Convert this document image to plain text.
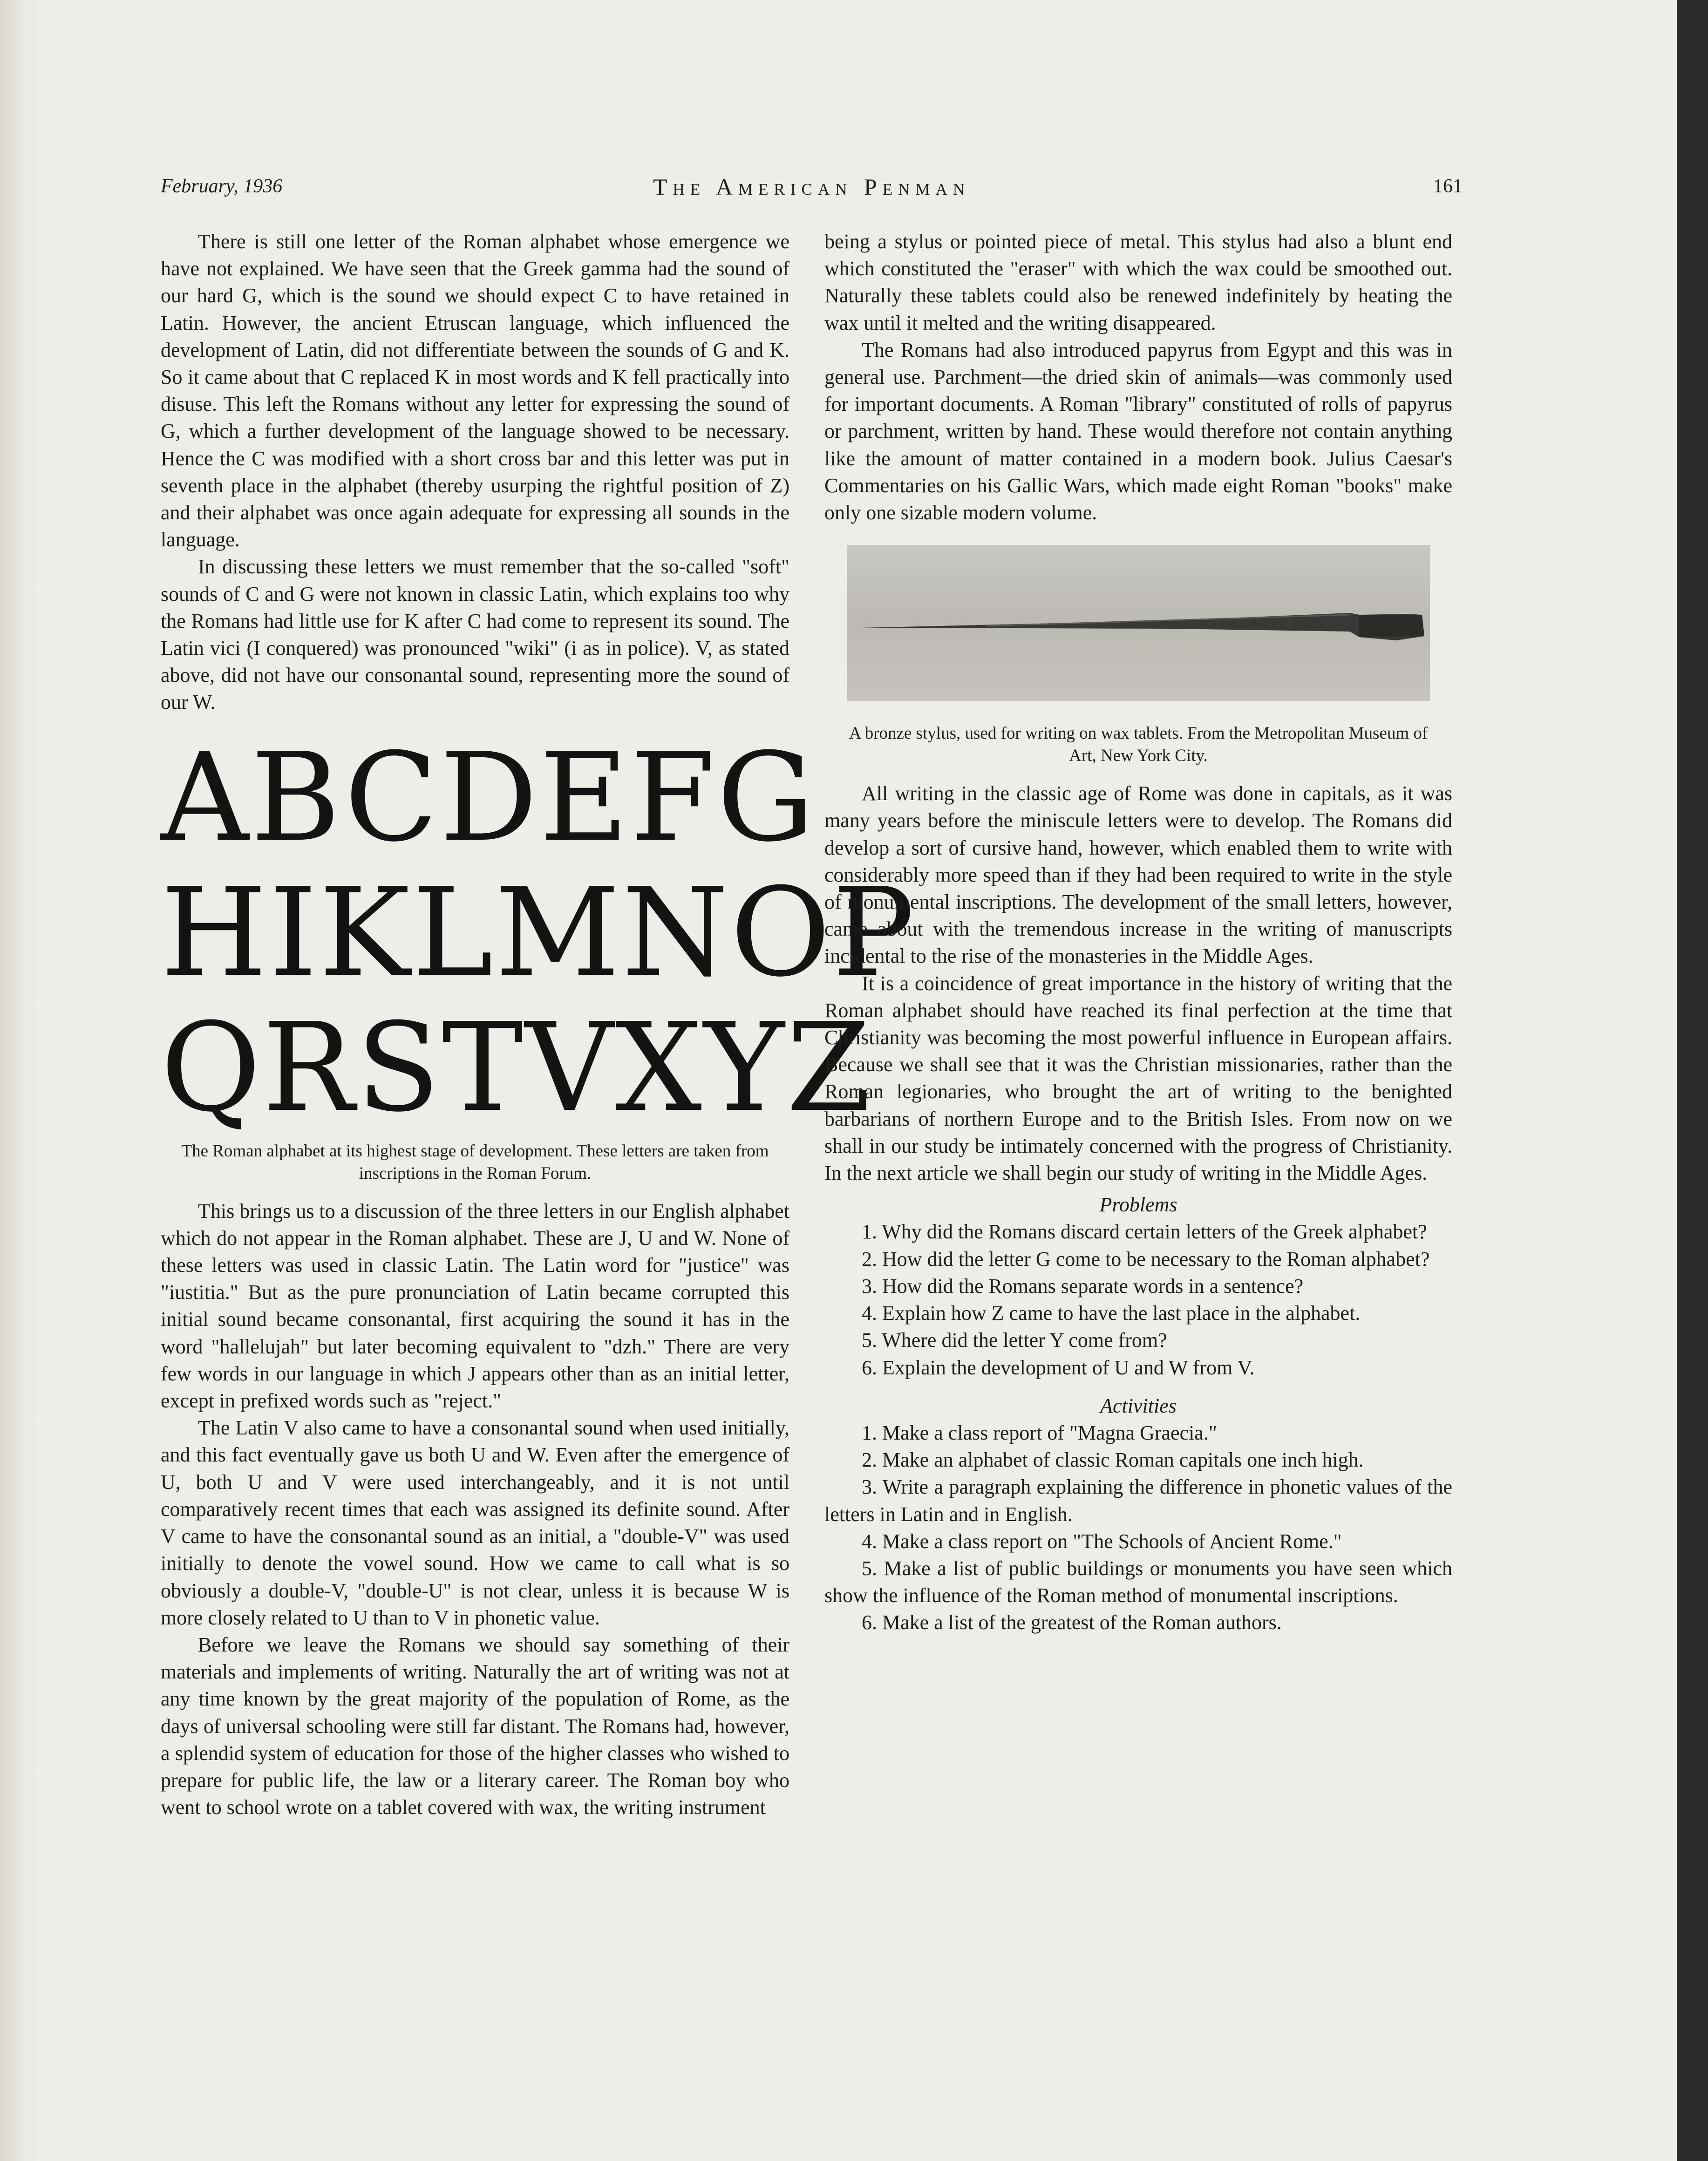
February, 1936	The American Penman	161

There is still one letter of the Roman alphabet whose emergence we have not explained. We have seen that the Greek gamma had the sound of our hard G, which is the sound we should expect C to have retained in Latin. However, the ancient Etruscan language, which influenced the development of Latin, did not differentiate between the sounds of G and K. So it came about that C replaced K in most words and K fell practically into disuse. This left the Romans without any letter for expressing the sound of G, which a further development of the language showed to be necessary. Hence the C was modified with a short cross bar and this letter was put in seventh place in the alphabet (thereby usurping the rightful position of Z) and their alphabet was once again adequate for expressing all sounds in the language.

In discussing these letters we must remember that the so-called "soft" sounds of C and G were not known in classic Latin, which explains too why the Romans had little use for K after C had come to represent its sound. The Latin vici (I conquered) was pronounced "wiki" (i as in police). V, as stated above, did not have our consonantal sound, representing more the sound of our W.

ABCDEFG
HIKLMNOP
QRSTVXYZ
The Roman alphabet at its highest stage of development. These letters are taken from inscriptions in the Roman Forum.

This brings us to a discussion of the three letters in our English alphabet which do not appear in the Roman alphabet. These are J, U and W. None of these letters was used in classic Latin. The Latin word for "justice" was "iustitia." But as the pure pronunciation of Latin became corrupted this initial sound became consonantal, first acquiring the sound it has in the word "hallelujah" but later becoming equivalent to "dzh." There are very few words in our language in which J appears other than as an initial letter, except in prefixed words such as "reject."

The Latin V also came to have a consonantal sound when used initially, and this fact eventually gave us both U and W. Even after the emergence of U, both U and V were used interchangeably, and it is not until comparatively recent times that each was assigned its definite sound. After V came to have the consonantal sound as an initial, a "double-V" was used initially to denote the vowel sound. How we came to call what is so obviously a double-V, "double-U" is not clear, unless it is because W is more closely related to U than to V in phonetic value.

Before we leave the Romans we should say something of their materials and implements of writing. Naturally the art of writing was not at any time known by the great majority of the population of Rome, as the days of universal schooling were still far distant. The Romans had, however, a splendid system of education for those of the higher classes who wished to prepare for public life, the law or a literary career. The Roman boy who went to school wrote on a tablet covered with wax, the writing instrument

being a stylus or pointed piece of metal. This stylus had also a blunt end which constituted the "eraser" with which the wax could be smoothed out. Naturally these tablets could also be renewed indefinitely by heating the wax until it melted and the writing disappeared.

The Romans had also introduced papyrus from Egypt and this was in general use. Parchment—the dried skin of animals—was commonly used for important documents. A Roman "library" constituted of rolls of papyrus or parchment, written by hand. These would therefore not contain anything like the amount of matter contained in a modern book. Julius Caesar's Commentaries on his Gallic Wars, which made eight Roman "books" make only one sizable modern volume.

A bronze stylus, used for writing on wax tablets. From the Metropolitan Museum of Art, New York City.

All writing in the classic age of Rome was done in capitals, as it was many years before the miniscule letters were to develop. The Romans did develop a sort of cursive hand, however, which enabled them to write with considerably more speed than if they had been required to write in the style of monumental inscriptions. The development of the small letters, however, came about with the tremendous increase in the writing of manuscripts incidental to the rise of the monasteries in the Middle Ages.

It is a coincidence of great importance in the history of writing that the Roman alphabet should have reached its final perfection at the time that Christianity was becoming the most powerful influence in European affairs. Because we shall see that it was the Christian missionaries, rather than the Roman legionaries, who brought the art of writing to the benighted barbarians of northern Europe and to the British Isles. From now on we shall in our study be intimately concerned with the progress of Christianity. In the next article we shall begin our study of writing in the Middle Ages.

Problems

1. Why did the Romans discard certain letters of the Greek alphabet?

2. How did the letter G come to be necessary to the Roman alphabet?

3. How did the Romans separate words in a sentence?

4. Explain how Z came to have the last place in the alphabet.

5. Where did the letter Y come from?

6. Explain the development of U and W from V.

Activities

1. Make a class report of "Magna Graecia."

2. Make an alphabet of classic Roman capitals one inch high.

3. Write a paragraph explaining the difference in phonetic values of the letters in Latin and in English.

4. Make a class report on "The Schools of Ancient Rome."

5. Make a list of public buildings or monuments you have seen which show the influence of the Roman method of monumental inscriptions.

6. Make a list of the greatest of the Roman authors.
